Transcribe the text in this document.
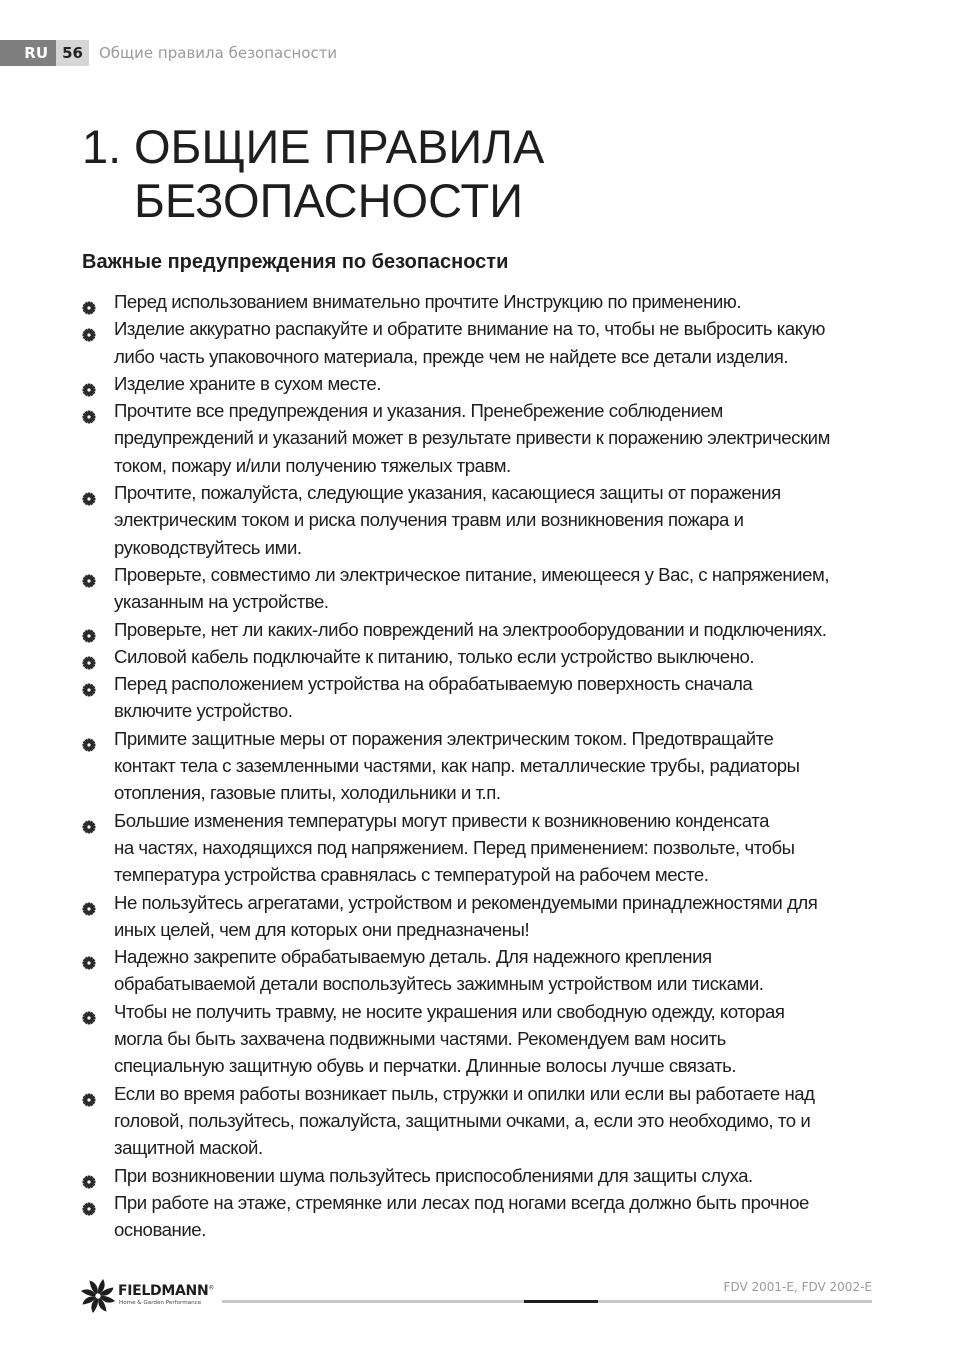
RU 56	Общие правила безопасности
1. ОБЩИЕ ПРАВИЛА
БЕЗОПАСНОСТИ
Важные предупреждения по безопасности
Перед использованием внимательно прочтите Инструкцию по применению.
Изделие аккуратно распакуйте и обратите внимание на то, чтобы не выбросить какую
либо часть упаковочного материала, прежде чем не найдете все детали изделия.
Изделие храните в сухом месте.
Прочтите все предупреждения и указания. Пренебрежение соблюдением
предупреждений и указаний может в результате привести к поражению электрическим
током, пожару и/или получению тяжелых травм.
Прочтите, пожалуйста, следующие указания, касающиеся защиты от поражения
электрическим током и риска получения травм или возникновения пожара и
руководствуйтесь ими.
Проверьте, совместимо ли электрическое питание, имеющееся у Вас, с напряжением,
указанным на устройстве.
Проверьте, нет ли каких-либо повреждений на электрооборудовании и подключениях.
Силовой кабель подключайте к питанию, только если устройство выключено.
Перед расположением устройства на обрабатываемую поверхность сначала
включите устройство.
Примите защитные меры от поражения электрическим током. Предотвращайте
контакт тела с заземленными частями, как напр. металлические трубы, радиаторы
отопления, газовые плиты, холодильники и т.п.
Большие изменения температуры могут привести к возникновению конденсата
на частях, находящихся под напряжением. Перед применением: позвольте, чтобы
температура устройства сравнялась с температурой на рабочем месте.
Не пользуйтесь агрегатами, устройством и рекомендуемыми принадлежностями для
иных целей, чем для которых они предназначены!
Надежно закрепите обрабатываемую деталь. Для надежного крепления
обрабатываемой детали воспользуйтесь зажимным устройством или тисками.
Чтобы не получить травму, не носите украшения или свободную одежду, которая
могла бы быть захвачена подвижными частями. Рекомендуем вам носить
специальную защитную обувь и перчатки. Длинные волосы лучше связать.
Если во время работы возникает пыль, стружки и опилки или если вы работаете над
головой, пользуйтесь, пожалуйста, защитными очками, а, если это необходимо, то и
защитной маской.
При возникновении шума пользуйтесь приспособлениями для защиты слуха.
При работе на этаже, стремянке или лесах под ногами всегда должно быть прочное
основание.
FIELDMANN®
Home & Garden Performance
FDV 2001-E, FDV 2002-E
